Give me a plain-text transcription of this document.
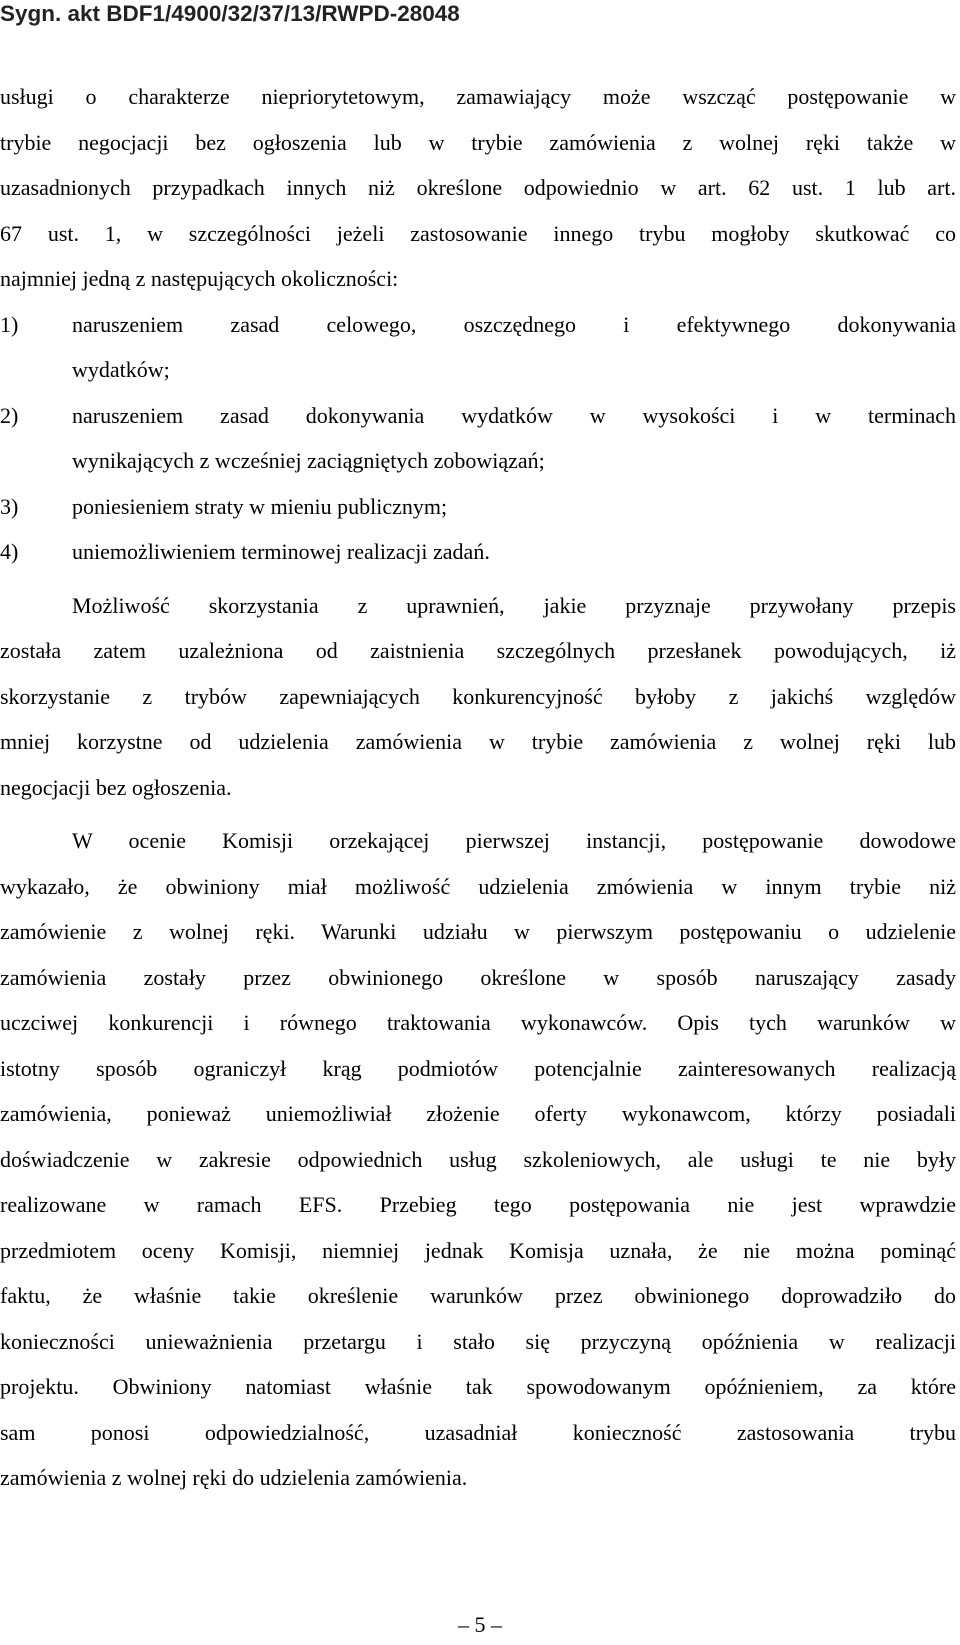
Sygn. akt BDF1/4900/32/37/13/RWPD-28048
usługi o charakterze niepriorytetowym, zamawiający może wszcząć postępowanie w
trybie negocjacji bez ogłoszenia lub w trybie zamówienia z wolnej ręki także w
uzasadnionych przypadkach innych niż określone odpowiednio w art. 62 ust. 1 lub art.
67 ust. 1, w szczególności jeżeli zastosowanie innego trybu mogłoby skutkować co
najmniej jedną z następujących okoliczności:
1)	naruszeniem zasad celowego, oszczędnego i efektywnego dokonywania
wydatków;
2)	naruszeniem zasad dokonywania wydatków w wysokości i w terminach
wynikających z wcześniej zaciągniętych zobowiązań;
3)	poniesieniem straty w mieniu publicznym;
4)	uniemożliwieniem terminowej realizacji zadań.
Możliwość skorzystania z uprawnień, jakie przyznaje przywołany przepis
została zatem uzależniona od zaistnienia szczególnych przesłanek powodujących, iż
skorzystanie z trybów zapewniających konkurencyjność byłoby z jakichś względów
mniej korzystne od udzielenia zamówienia w trybie zamówienia z wolnej ręki lub
negocjacji bez ogłoszenia.
W ocenie Komisji orzekającej pierwszej instancji, postępowanie dowodowe
wykazało, że obwiniony miał możliwość udzielenia zmówienia w innym trybie niż
zamówienie z wolnej ręki. Warunki udziału w pierwszym postępowaniu o udzielenie
zamówienia zostały przez obwinionego określone w sposób naruszający zasady
uczciwej konkurencji i równego traktowania wykonawców. Opis tych warunków w
istotny sposób ograniczył krąg podmiotów potencjalnie zainteresowanych realizacją
zamówienia, ponieważ uniemożliwiał złożenie oferty wykonawcom, którzy posiadali
doświadczenie w zakresie odpowiednich usług szkoleniowych, ale usługi te nie były
realizowane w ramach EFS. Przebieg tego postępowania nie jest wprawdzie
przedmiotem oceny Komisji, niemniej jednak Komisja uznała, że nie można pominąć
faktu, że właśnie takie określenie warunków przez obwinionego doprowadziło do
konieczności unieważnienia przetargu i stało się przyczyną opóźnienia w realizacji
projektu. Obwiniony natomiast właśnie tak spowodowanym opóźnieniem, za które
sam ponosi odpowiedzialność, uzasadniał konieczność zastosowania trybu
zamówienia z wolnej ręki do udzielenia zamówienia.
– 5 –
